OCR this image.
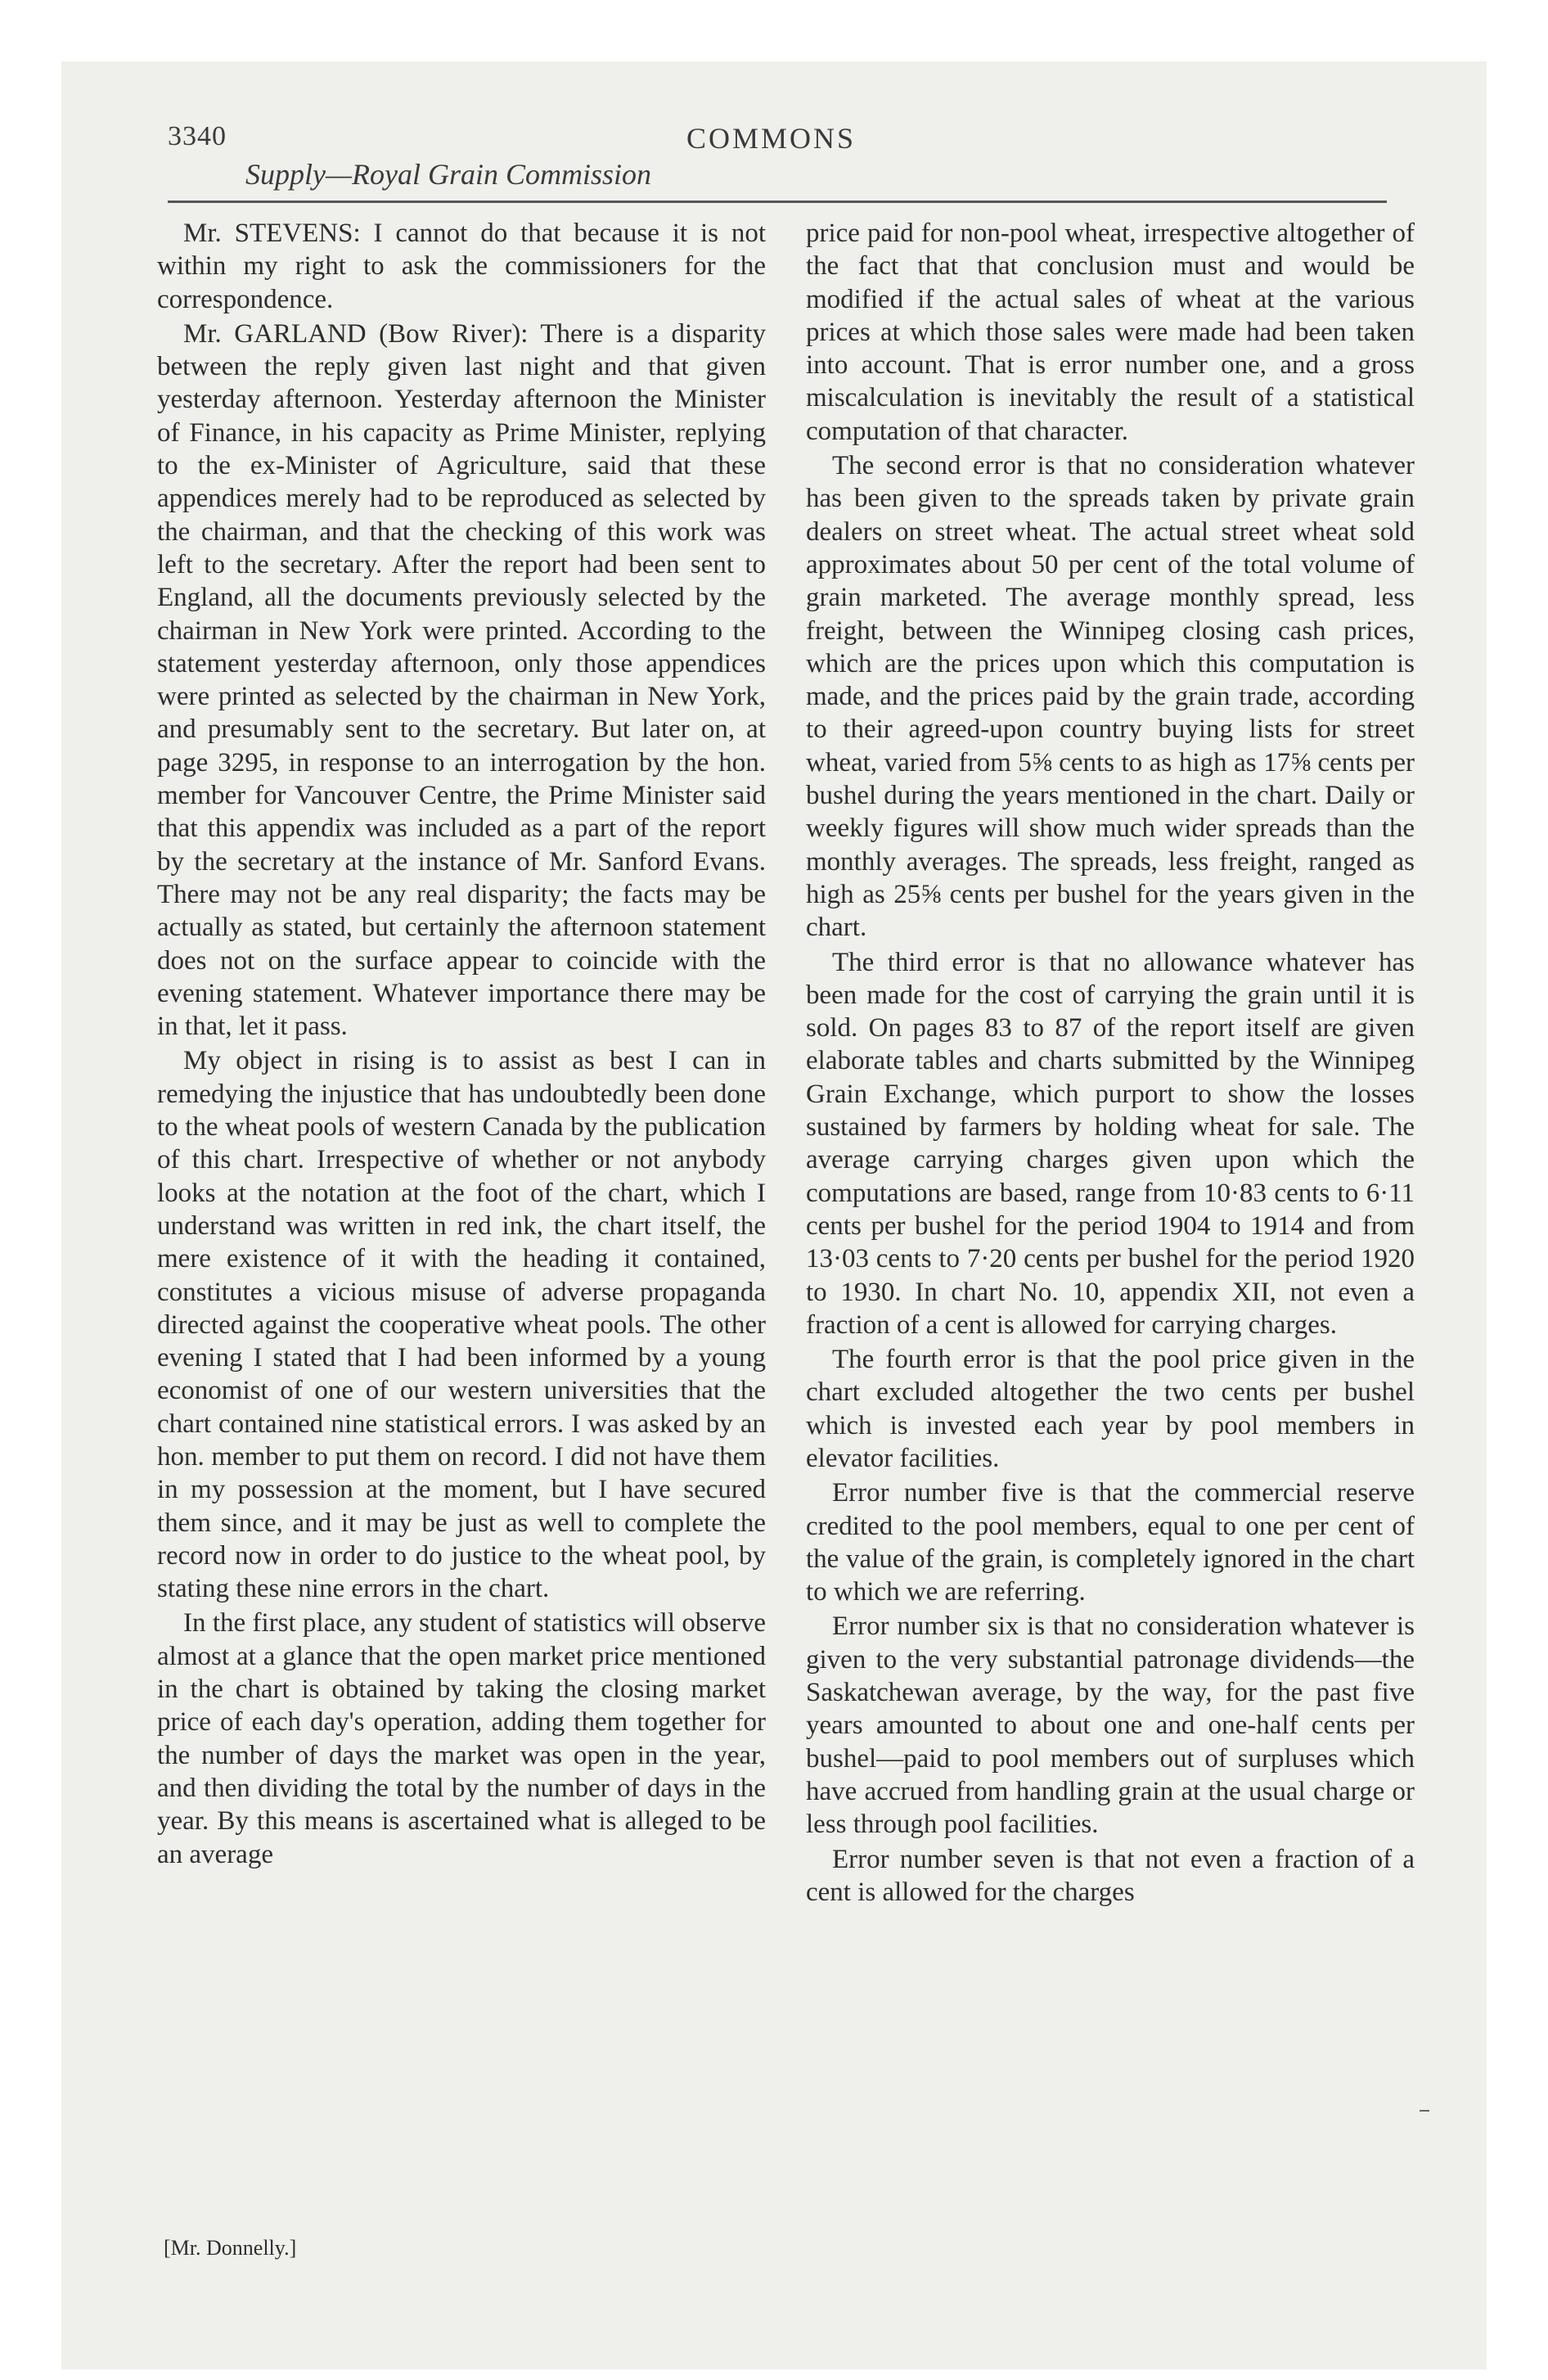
3340	COMMONS
Supply—Royal Grain Commission

Mr. STEVENS: I cannot do that because it is not within my right to ask the commissioners for the correspondence.

Mr. GARLAND (Bow River): There is a disparity between the reply given last night and that given yesterday afternoon. Yesterday afternoon the Minister of Finance, in his capacity as Prime Minister, replying to the ex-Minister of Agriculture, said that these appendices merely had to be reproduced as selected by the chairman, and that the checking of this work was left to the secretary. After the report had been sent to England, all the documents previously selected by the chairman in New York were printed. According to the statement yesterday afternoon, only those appendices were printed as selected by the chairman in New York, and presumably sent to the secretary. But later on, at page 3295, in response to an interrogation by the hon. member for Vancouver Centre, the Prime Minister said that this appendix was included as a part of the report by the secretary at the instance of Mr. Sanford Evans. There may not be any real disparity; the facts may be actually as stated, but certainly the afternoon statement does not on the surface appear to coincide with the evening statement. Whatever importance there may be in that, let it pass.

My object in rising is to assist as best I can in remedying the injustice that has undoubtedly been done to the wheat pools of western Canada by the publication of this chart. Irrespective of whether or not anybody looks at the notation at the foot of the chart, which I understand was written in red ink, the chart itself, the mere existence of it with the heading it contained, constitutes a vicious misuse of adverse propaganda directed against the cooperative wheat pools. The other evening I stated that I had been informed by a young economist of one of our western universities that the chart contained nine statistical errors. I was asked by an hon. member to put them on record. I did not have them in my possession at the moment, but I have secured them since, and it may be just as well to complete the record now in order to do justice to the wheat pool, by stating these nine errors in the chart.

In the first place, any student of statistics will observe almost at a glance that the open market price mentioned in the chart is obtained by taking the closing market price of each day's operation, adding them together for the number of days the market was open in the year, and then dividing the total by the number of days in the year. By this means is ascertained what is alleged to be an average

price paid for non-pool wheat, irrespective altogether of the fact that that conclusion must and would be modified if the actual sales of wheat at the various prices at which those sales were made had been taken into account. That is error number one, and a gross miscalculation is inevitably the result of a statistical computation of that character.

The second error is that no consideration whatever has been given to the spreads taken by private grain dealers on street wheat. The actual street wheat sold approximates about 50 per cent of the total volume of grain marketed. The average monthly spread, less freight, between the Winnipeg closing cash prices, which are the prices upon which this computation is made, and the prices paid by the grain trade, according to their agreed-upon country buying lists for street wheat, varied from 5⅝ cents to as high as 17⅝ cents per bushel during the years mentioned in the chart. Daily or weekly figures will show much wider spreads than the monthly averages. The spreads, less freight, ranged as high as 25⅝ cents per bushel for the years given in the chart.

The third error is that no allowance whatever has been made for the cost of carrying the grain until it is sold. On pages 83 to 87 of the report itself are given elaborate tables and charts submitted by the Winnipeg Grain Exchange, which purport to show the losses sustained by farmers by holding wheat for sale. The average carrying charges given upon which the computations are based, range from 10·83 cents to 6·11 cents per bushel for the period 1904 to 1914 and from 13·03 cents to 7·20 cents per bushel for the period 1920 to 1930. In chart No. 10, appendix XII, not even a fraction of a cent is allowed for carrying charges.

The fourth error is that the pool price given in the chart excluded altogether the two cents per bushel which is invested each year by pool members in elevator facilities.

Error number five is that the commercial reserve credited to the pool members, equal to one per cent of the value of the grain, is completely ignored in the chart to which we are referring.

Error number six is that no consideration whatever is given to the very substantial patronage dividends—the Saskatchewan average, by the way, for the past five years amounted to about one and one-half cents per bushel—paid to pool members out of surpluses which have accrued from handling grain at the usual charge or less through pool facilities.

Error number seven is that not even a fraction of a cent is allowed for the charges

[Mr. Donnelly.]
